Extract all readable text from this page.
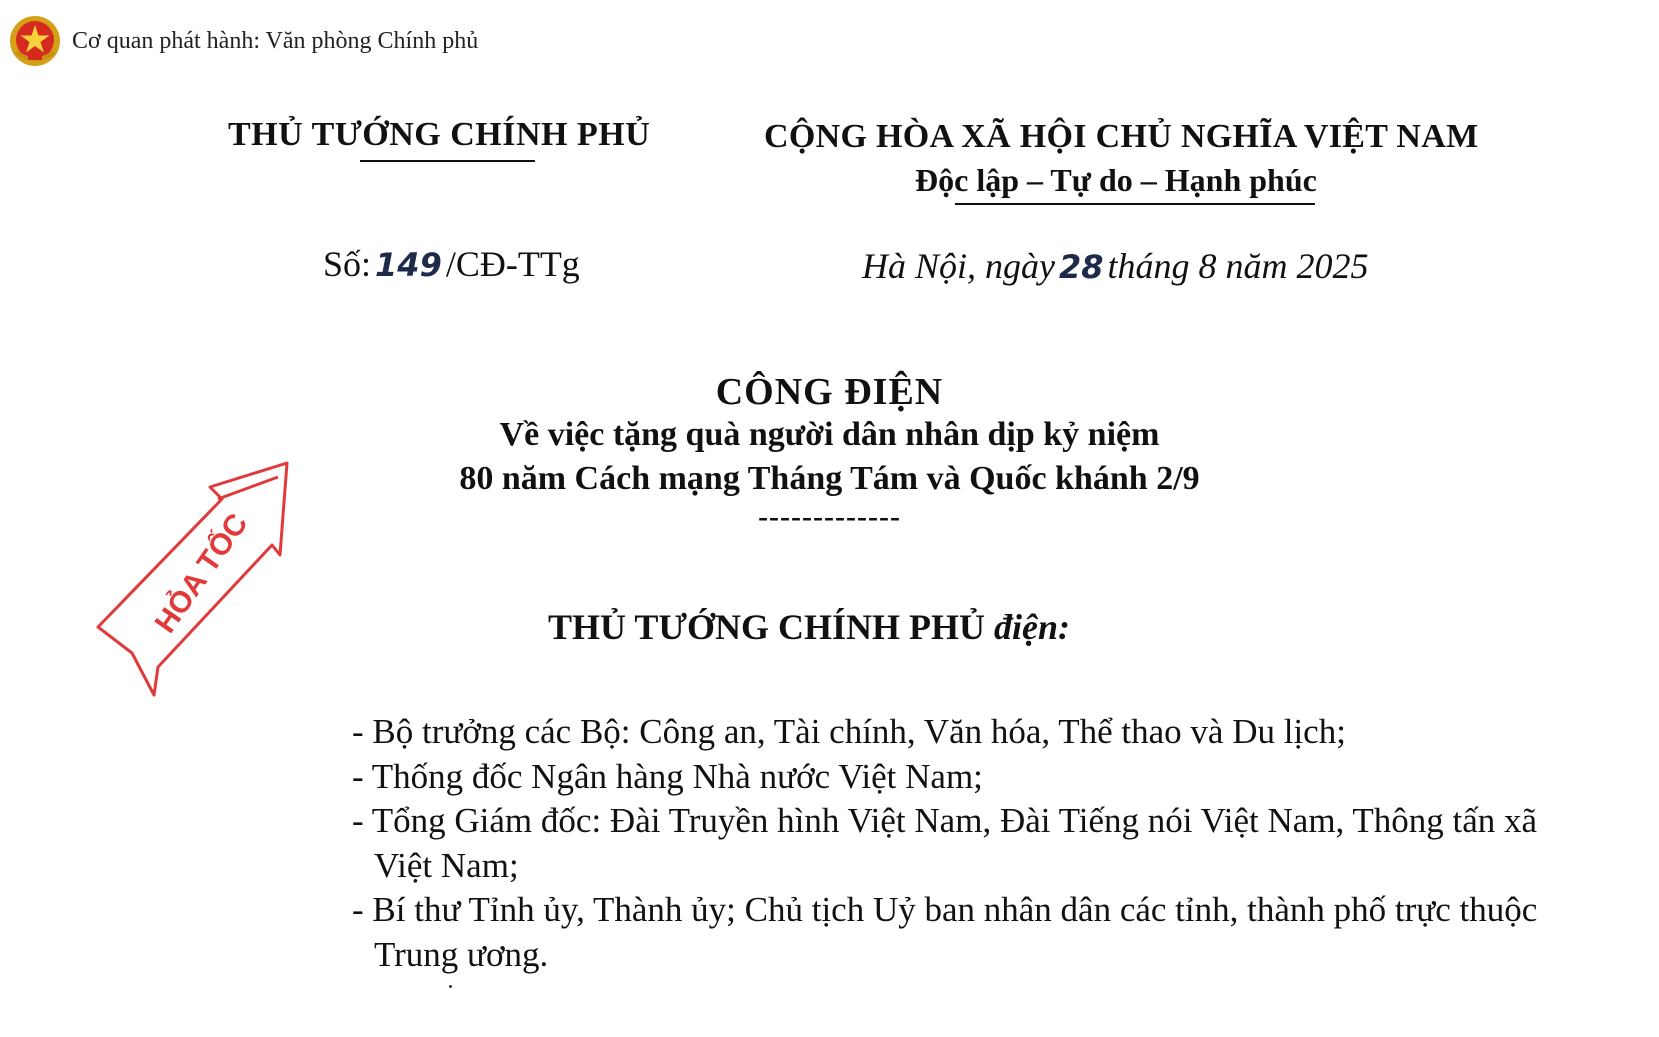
Cơ quan phát hành: Văn phòng Chính phủ
THỦ TƯỚNG CHÍNH PHỦ	CỘNG HÒA XÃ HỘI CHỦ NGHĨA VIỆT NAM
Độc lập – Tự do – Hạnh phúc
Số: 149 /CĐ-TTg	Hà Nội, ngày 28 tháng 8 năm 2025
CÔNG ĐIỆN
Về việc tặng quà người dân nhân dịp kỷ niệm
80 năm Cách mạng Tháng Tám và Quốc khánh 2/9
-------------
HỎA TỐC	THỦ TƯỚNG CHÍNH PHỦ điện:
- Bộ trưởng các Bộ: Công an, Tài chính, Văn hóa, Thể thao và Du lịch;
- Thống đốc Ngân hàng Nhà nước Việt Nam;
- Tổng Giám đốc: Đài Truyền hình Việt Nam, Đài Tiếng nói Việt Nam, Thông tấn xã Việt Nam;
- Bí thư Tỉnh ủy, Thành ủy; Chủ tịch Uỷ ban nhân dân các tỉnh, thành phố trực thuộc Trung ương.
